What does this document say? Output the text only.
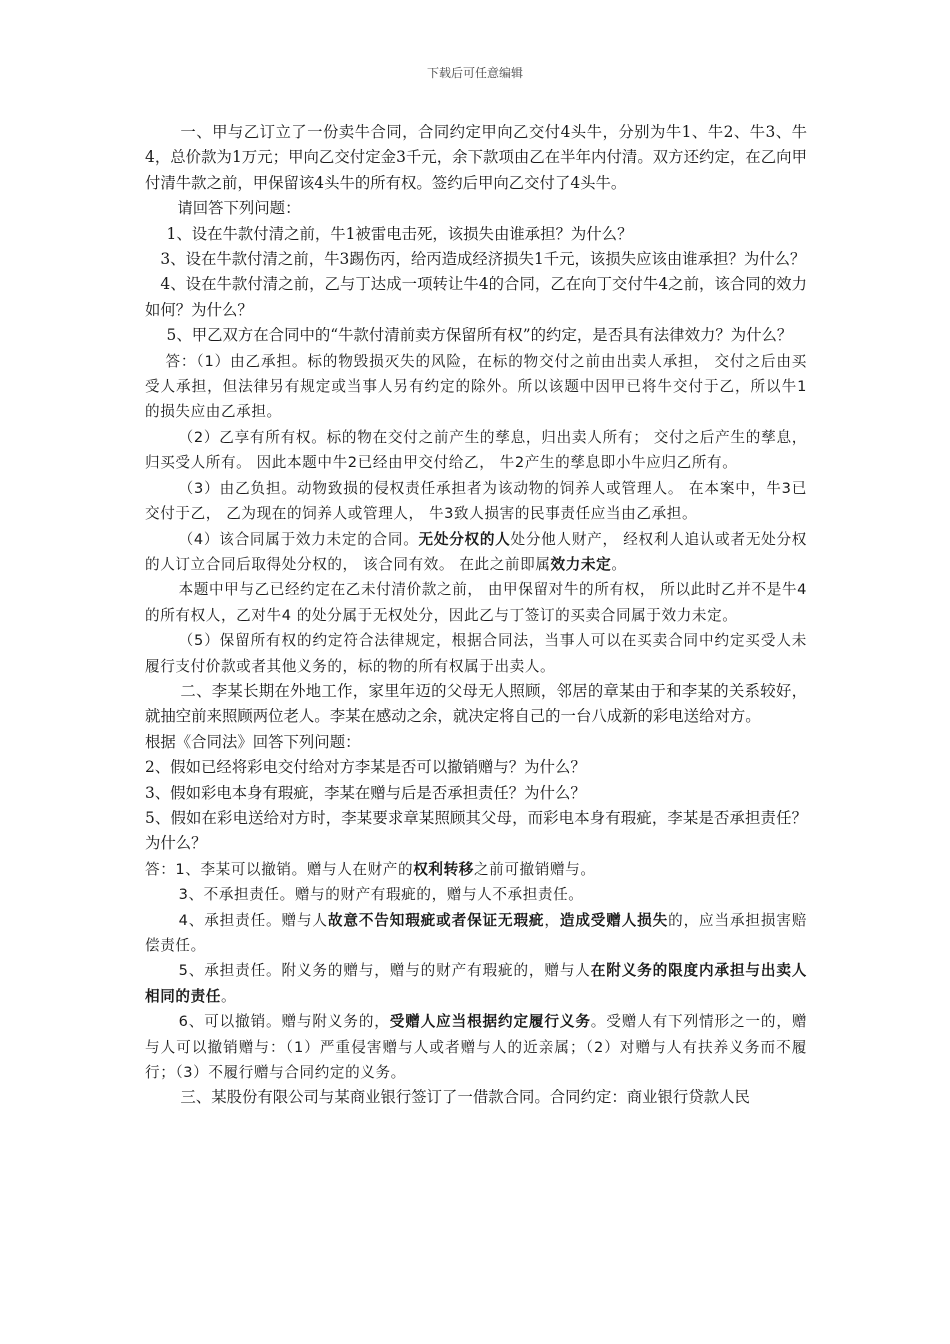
下载后可任意编辑

一、甲与乙订立了一份卖牛合同，合同约定甲向乙交付4头牛，分别为牛1、牛2、牛3、牛4，总价款为1万元；甲向乙交付定金3千元，余下款项由乙在半年内付清。双方还约定，在乙向甲付清牛款之前，甲保留该4头牛的所有权。签约后甲向乙交付了4头牛。

请回答下列问题：

1、设在牛款付清之前，牛1被雷电击死，该损失由谁承担？为什么？

3、设在牛款付清之前，牛3踢伤丙，给丙造成经济损失1千元，该损失应该由谁承担？为什么？

4、设在牛款付清之前，乙与丁达成一项转让牛4的合同，乙在向丁交付牛4之前，该合同的效力如何？为什么？

5、甲乙双方在合同中的“牛款付清前卖方保留所有权”的约定，是否具有法律效力？为什么？

答：（1）由乙承担。标的物毁损灭失的风险，在标的物交付之前由出卖人承担， 交付之后由买受人承担，但法律另有规定或当事人另有约定的除外。所以该题中因甲已将牛交付于乙，所以牛1的损失应由乙承担。

（2）乙享有所有权。标的物在交付之前产生的孳息，归出卖人所有； 交付之后产生的孳息， 归买受人所有。 因此本题中牛2已经由甲交付给乙， 牛2产生的孳息即小牛应归乙所有。

（3）由乙负担。动物致损的侵权责任承担者为该动物的饲养人或管理人。 在本案中，牛3已交付于乙， 乙为现在的饲养人或管理人， 牛3致人损害的民事责任应当由乙承担。

（4）该合同属于效力未定的合同。无处分权的人处分他人财产， 经权利人追认或者无处分权的人订立合同后取得处分权的， 该合同有效。 在此之前即属效力未定。

本题中甲与乙已经约定在乙未付清价款之前， 由甲保留对牛的所有权， 所以此时乙并不是牛4的所有权人，乙对牛4 的处分属于无权处分，因此乙与丁签订的买卖合同属于效力未定。

（5）保留所有权的约定符合法律规定，根据合同法，当事人可以在买卖合同中约定买受人未履行支付价款或者其他义务的，标的物的所有权属于出卖人。

二、李某长期在外地工作，家里年迈的父母无人照顾，邻居的章某由于和李某的关系较好，就抽空前来照顾两位老人。李某在感动之余，就决定将自己的一台八成新的彩电送给对方。

根据《合同法》回答下列问题：

2、假如已经将彩电交付给对方李某是否可以撤销赠与？为什么？

3、假如彩电本身有瑕疵，李某在赠与后是否承担责任？为什么？

5、假如在彩电送给对方时，李某要求章某照顾其父母，而彩电本身有瑕疵，李某是否承担责任？为什么？

答：1、李某可以撤销。赠与人在财产的权利转移之前可撤销赠与。

3、不承担责任。赠与的财产有瑕疵的，赠与人不承担责任。

4、承担责任。赠与人故意不告知瑕疵或者保证无瑕疵，造成受赠人损失的，应当承担损害赔偿责任。

5、承担责任。附义务的赠与，赠与的财产有瑕疵的，赠与人在附义务的限度内承担与出卖人相同的责任。

6、可以撤销。赠与附义务的，受赠人应当根据约定履行义务。受赠人有下列情形之一的，赠与人可以撤销赠与：（1）严重侵害赠与人或者赠与人的近亲属；（2）对赠与人有扶养义务而不履行；（3）不履行赠与合同约定的义务。

三、某股份有限公司与某商业银行签订了一借款合同。合同约定：商业银行贷款人民
